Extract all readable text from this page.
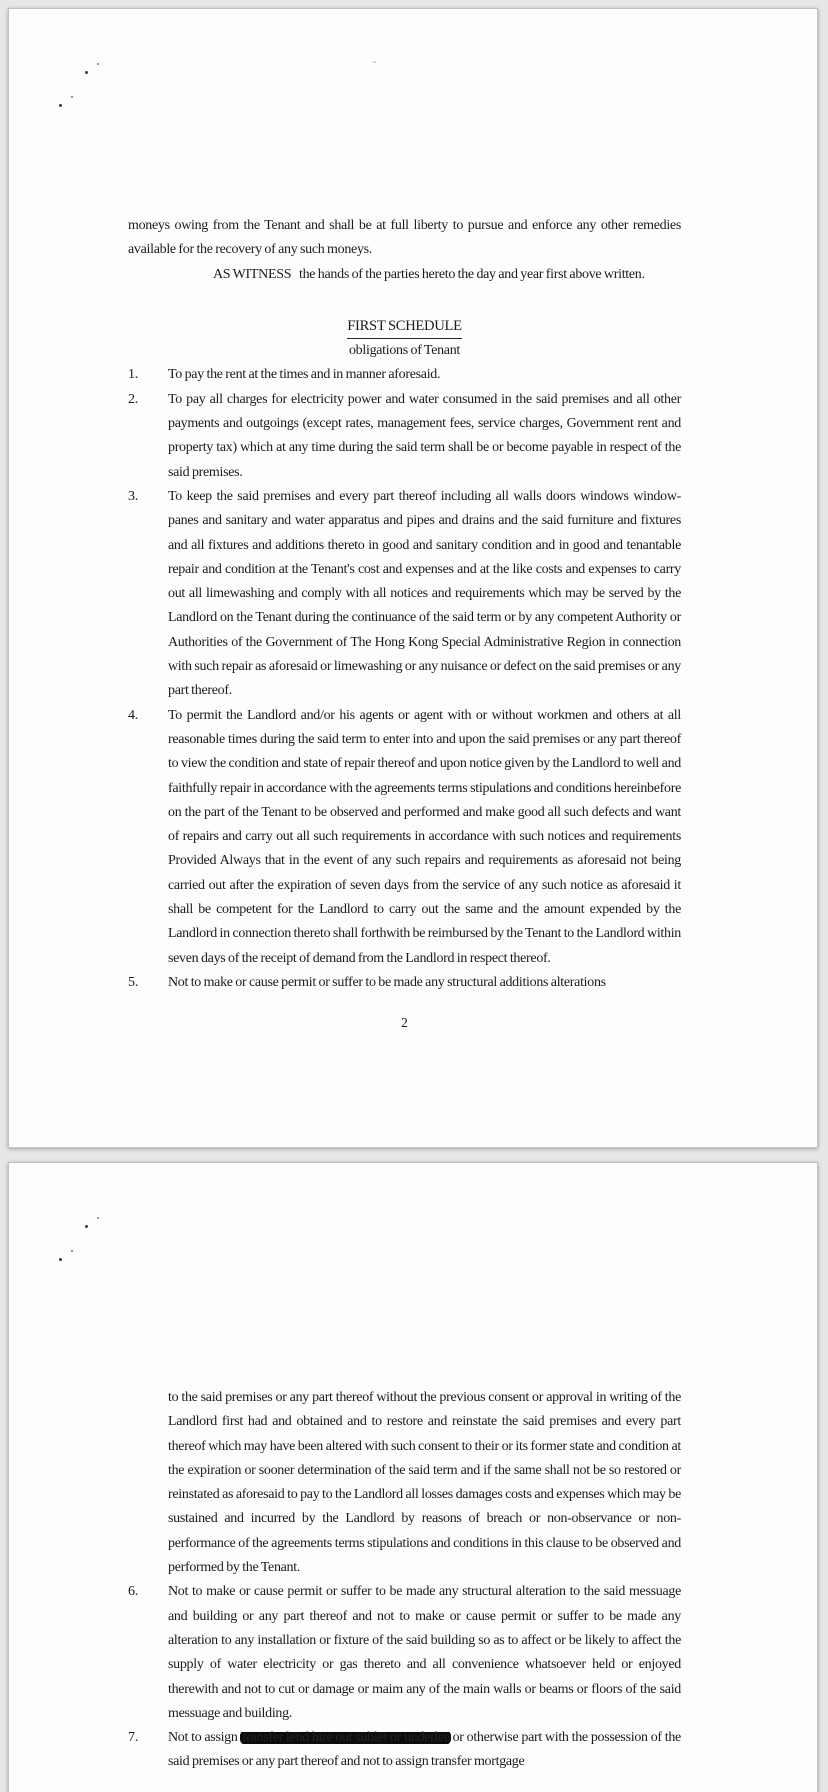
moneys owing from the Tenant and shall be at full liberty to pursue and enforce any other remedies available for the recovery of any such moneys.

AS WITNESS   the hands of the parties hereto the day and year first above written.

FIRST SCHEDULE
obligations of Tenant
1.	To pay the rent at the times and in manner aforesaid.
2.	To pay all charges for electricity power and water consumed in the said premises and all other payments and outgoings (except rates, management fees, service charges, Government rent and property tax) which at any time during the said term shall be or become payable in respect of the said premises.
3.	To keep the said premises and every part thereof including all walls doors windows window-panes and sanitary and water apparatus and pipes and drains and the said furniture and fixtures and all fixtures and additions thereto in good and sanitary condition and in good and tenantable repair and condition at the Tenant's cost and expenses and at the like costs and expenses to carry out all limewashing and comply with all notices and requirements which may be served by the Landlord on the Tenant during the continuance of the said term or by any competent Authority or Authorities of the Government of The Hong Kong Special Administrative Region in connection with such repair as aforesaid or limewashing or any nuisance or defect on the said premises or any part thereof.
4.	To permit the Landlord and/or his agents or agent with or without workmen and others at all reasonable times during the said term to enter into and upon the said premises or any part thereof to view the condition and state of repair thereof and upon notice given by the Landlord to well and faithfully repair in accordance with the agreements terms stipulations and conditions hereinbefore on the part of the Tenant to be observed and performed and make good all such defects and want of repairs and carry out all such requirements in accordance with such notices and requirements Provided Always that in the event of any such repairs and requirements as aforesaid not being carried out after the expiration of seven days from the service of any such notice as aforesaid it shall be competent for the Landlord to carry out the same and the amount expended by the Landlord in connection thereto shall forthwith be reimbursed by the Tenant to the Landlord within seven days of the receipt of demand from the Landlord in respect thereof.
5.	Not to make or cause permit or suffer to be made any structural additions alterations
2
to the said premises or any part thereof without the previous consent or approval in writing of the Landlord first had and obtained and to restore and reinstate the said premises and every part thereof which may have been altered with such consent to their or its former state and condition at the expiration or sooner determination of the said term and if the same shall not be so restored or reinstated as aforesaid to pay to the Landlord all losses damages costs and expenses which may be sustained and incurred by the Landlord by reasons of breach or non-observance or non-performance of the agreements terms stipulations and conditions in this clause to be observed and performed by the Tenant.
6.	Not to make or cause permit or suffer to be made any structural alteration to the said messuage and building or any part thereof and not to make or cause permit or suffer to be made any alteration to any installation or fixture of the said building so as to affect or be likely to affect the supply of water electricity or gas thereto and all convenience whatsoever held or enjoyed therewith and not to cut or damage or maim any of the main walls or beams or floors of the said messuage and building.
7.	Not to assign transfer lend hire out sublet or underlet or otherwise part with the possession of the said premises or any part thereof and not to assign transfer mortgage
